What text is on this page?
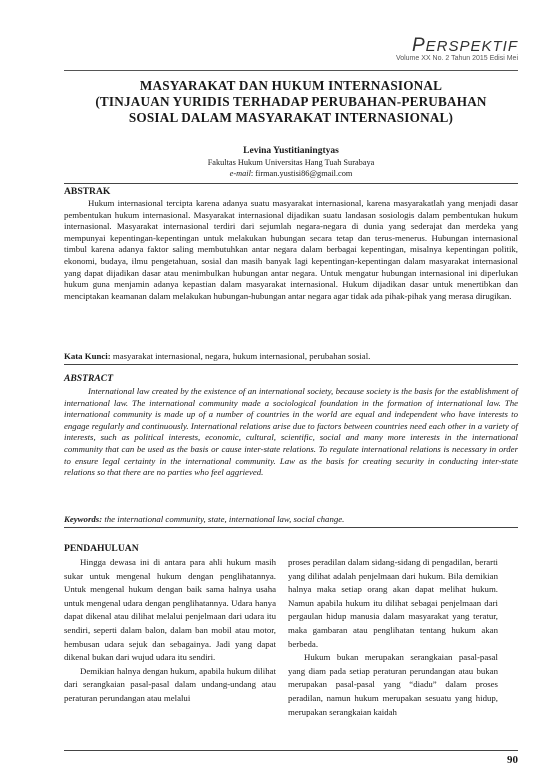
PERSPEKTIF
Volume XX No. 2 Tahun 2015 Edisi Mei
MASYARAKAT DAN HUKUM INTERNASIONAL
(TINJAUAN YURIDIS TERHADAP PERUBAHAN-PERUBAHAN
SOSIAL DALAM MASYARAKAT INTERNASIONAL)
Levina Yustitianingtyas
Fakultas Hukum Universitas Hang Tuah Surabaya
e-mail: firman.yustisi86@gmail.com
ABSTRAK
Hukum internasional tercipta karena adanya suatu masyarakat internasional, karena masyarakatlah yang menjadi dasar pembentukan hukum internasional. Masyarakat internasional dijadikan suatu landasan sosiologis dalam pembentukan hukum internasional. Masyarakat internasional terdiri dari sejumlah negara-negara di dunia yang sederajat dan merdeka yang mempunyai kepentingan-kepentingan untuk melakukan hubungan secara tetap dan terus-menerus. Hubungan internasional timbul karena adanya faktor saling membutuhkan antar negara dalam berbagai kepentingan, misalnya kepentingan politik, ekonomi, budaya, ilmu pengetahuan, sosial dan masih banyak lagi kepentingan-kepentingan dalam masyarakat internasional yang dapat dijadikan dasar atau menimbulkan hubungan antar negara. Untuk mengatur hubungan internasional ini diperlukan hukum guna menjamin adanya kepastian dalam masyarakat internasional. Hukum dijadikan dasar untuk menertibkan dan menciptakan keamanan dalam melakukan hubungan-hubungan antar negara agar tidak ada pihak-pihak yang merasa dirugikan.
Kata Kunci: masyarakat internasional, negara, hukum internasional, perubahan sosial.
ABSTRACT
International law created by the existence of an international society, because society is the basis for the establishment of international law. The international community made a sociological foundation in the formation of international law. The international community is made up of a number of countries in the world are equal and independent who have interests to engage regularly and continuously. International relations arise due to factors between countries need each other in a variety of interests, such as political interests, economic, cultural, scientific, social and many more interests in the international community that can be used as the basis or cause inter-state relations. To regulate international relations is necessary in order to ensure legal certainty in the international community. Law as the basis for creating security in conducting inter-state relations so that there are no parties who feel aggrieved.
Keywords: the international community, state, international law, social change.
PENDAHULUAN

Hingga dewasa ini di antara para ahli hukum masih sukar untuk mengenal hukum dengan penglihatannya. Untuk mengenal hukum dengan baik sama halnya usaha untuk mengenal udara dengan penglihatannya. Udara hanya dapat dikenal atau dilihat melalui penjelmaan dari udara itu sendiri, seperti dalam balon, dalam ban mobil atau motor, hembusan udara sejuk dan sebagainya. Jadi yang dapat dikenal bukan dari wujud udara itu sendiri.

Demikian halnya dengan hukum, apabila hukum dilihat dari serangkaian pasal-pasal dalam undang-undang atau peraturan perundangan atau melalui

proses peradilan dalam sidang-sidang di pengadilan, berarti yang dilihat adalah penjelmaan dari hukum. Bila demikian halnya maka setiap orang akan dapat melihat hukum. Namun apabila hukum itu dilihat sebagai penjelmaan dari pergaulan hidup manusia dalam masyarakat yang teratur, maka gambaran atau penglihatan tentang hukum akan berbeda.

Hukum bukan merupakan serangkaian pasal-pasal yang diam pada setiap peraturan perundangan atau bukan merupakan pasal-pasal yang “diadu” dalam proses peradilan, namun hukum merupakan sesuatu yang hidup, merupakan serangkaian kaidah

90
